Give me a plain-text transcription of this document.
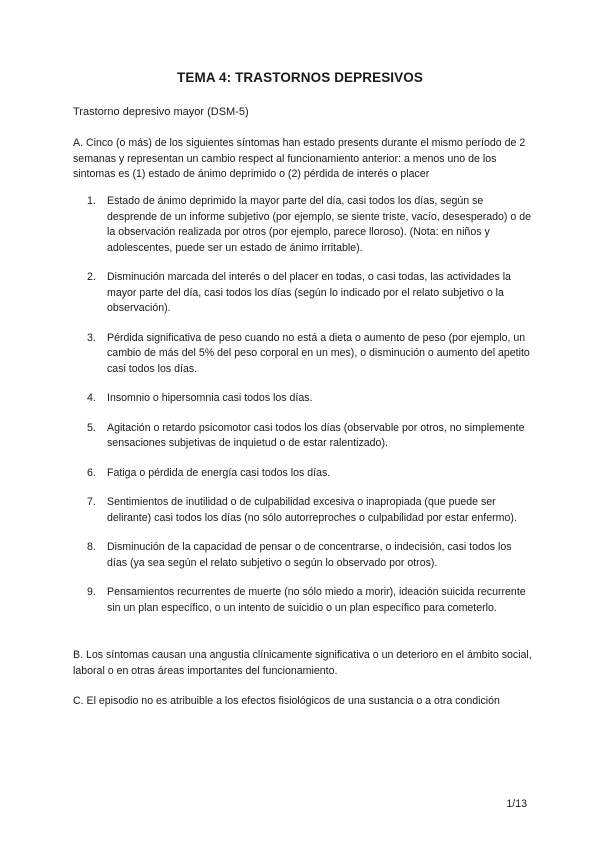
TEMA 4: TRASTORNOS DEPRESIVOS

Trastorno depresivo mayor (DSM-5)

A. Cinco (o más) de los siguientes síntomas han estado presents durante el mismo período de 2 semanas y representan un cambio respect al funcionamiento anterior: a menos uno de los sintomas es (1) estado de ánimo deprimido o (2) pérdida de interés o placer

1. Estado de ánimo deprimido la mayor parte del día, casi todos los días, según se desprende de un informe subjetivo (por ejemplo, se siente triste, vacío, desesperado) o de la observación realizada por otros (por ejemplo, parece lloroso). (Nota: en niños y adolescentes, puede ser un estado de ánimo irritable).
2. Disminución marcada del interés o del placer en todas, o casi todas, las actividades la mayor parte del día, casi todos los días (según lo indicado por el relato subjetivo o la observación).
3. Pérdida significativa de peso cuando no está a dieta o aumento de peso (por ejemplo, un cambio de más del 5% del peso corporal en un mes), o disminución o aumento del apetito casi todos los días.
4. Insomnio o hipersomnia casi todos los días.
5. Agitación o retardo psicomotor casi todos los días (observable por otros, no simplemente sensaciones subjetivas de inquietud o de estar ralentizado).
6. Fatiga o pérdida de energía casi todos los días.
7. Sentimientos de inutilidad o de culpabilidad excesiva o inapropiada (que puede ser delirante) casi todos los días (no sólo autorreproches o culpabilidad por estar enfermo).
8. Disminución de la capacidad de pensar o de concentrarse, o indecisión, casi todos los días (ya sea según el relato subjetivo o según lo observado por otros).
9. Pensamientos recurrentes de muerte (no sólo miedo a morir), ideación suicida recurrente sin un plan específico, o un intento de suicidio o un plan específico para cometerlo.

B. Los síntomas causan una angustia clínicamente significativa o un deterioro en el ámbito social, laboral o en otras áreas importantes del funcionamiento.

C. El episodio no es atribuible a los efectos fisiológicos de una sustancia o a otra condición

1/13
